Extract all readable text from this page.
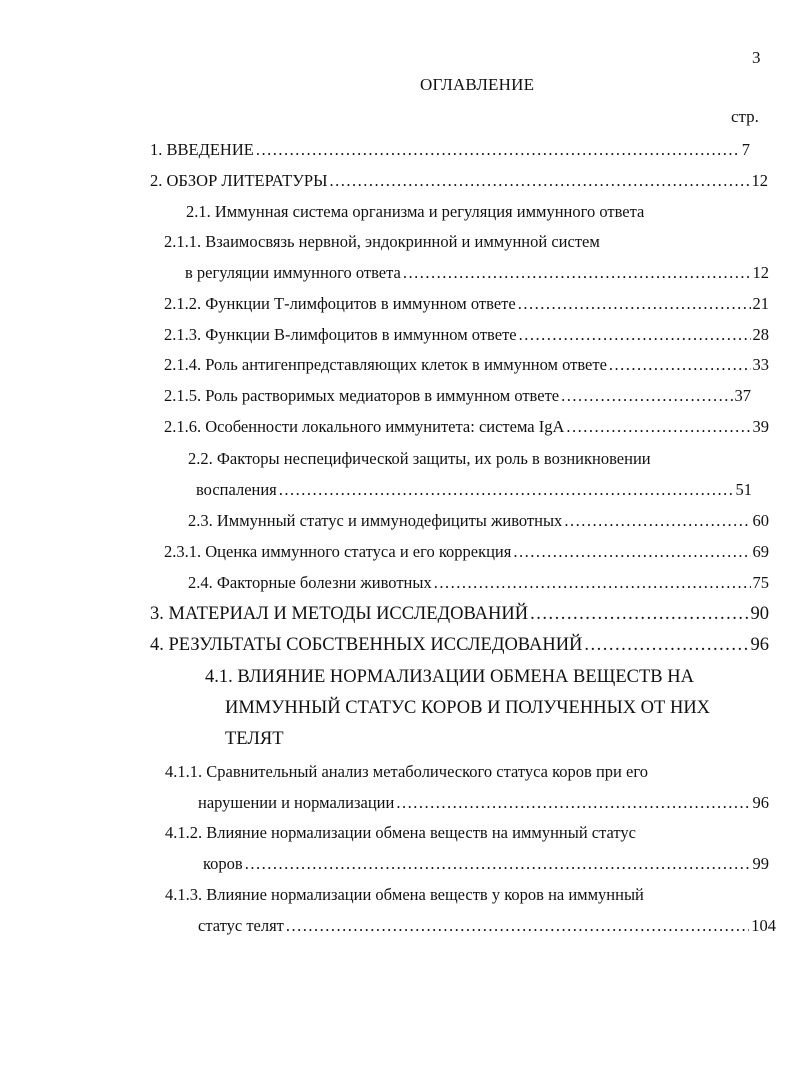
3
ОГЛАВЛЕНИЕ
стр.
1. ВВЕДЕНИЕ .....	7
2. ОБЗОР ЛИТЕРАТУРЫ .....	12
2.1. Иммунная система организма и регуляция иммунного ответа
2.1.1. Взаимосвязь нервной, эндокринной и иммунной систем
в регуляции иммунного ответа .....	12
2.1.2. Функции Т-лимфоцитов в иммунном ответе .....	21
2.1.3. Функции В-лимфоцитов в иммунном ответе .....	28
2.1.4. Роль антигенпредставляющих клеток в иммунном ответе .....	33
2.1.5. Роль растворимых медиаторов в иммунном ответе .....	37
2.1.6. Особенности локального иммунитета: система IgA .....	39
2.2. Факторы неспецифической защиты, их роль в возникновении
воспаления .....	51
2.3. Иммунный статус и иммунодефициты животных .....	60
2.3.1. Оценка иммунного статуса и его коррекция .....	69
2.4. Факторные болезни животных .....	75
3. МАТЕРИАЛ И МЕТОДЫ ИССЛЕДОВАНИЙ .....	90
4. РЕЗУЛЬТАТЫ СОБСТВЕННЫХ ИССЛЕДОВАНИЙ .....	96
4.1. ВЛИЯНИЕ НОРМАЛИЗАЦИИ ОБМЕНА ВЕЩЕСТВ НА
ИММУННЫЙ СТАТУС КОРОВ И ПОЛУЧЕННЫХ ОТ НИХ
ТЕЛЯТ
4.1.1. Сравнительный анализ метаболического статуса коров при его
нарушении и нормализации .....	96
4.1.2. Влияние нормализации обмена веществ на иммунный статус
коров .....	99
4.1.3. Влияние нормализации обмена веществ у коров на иммунный
статус телят .....	104
